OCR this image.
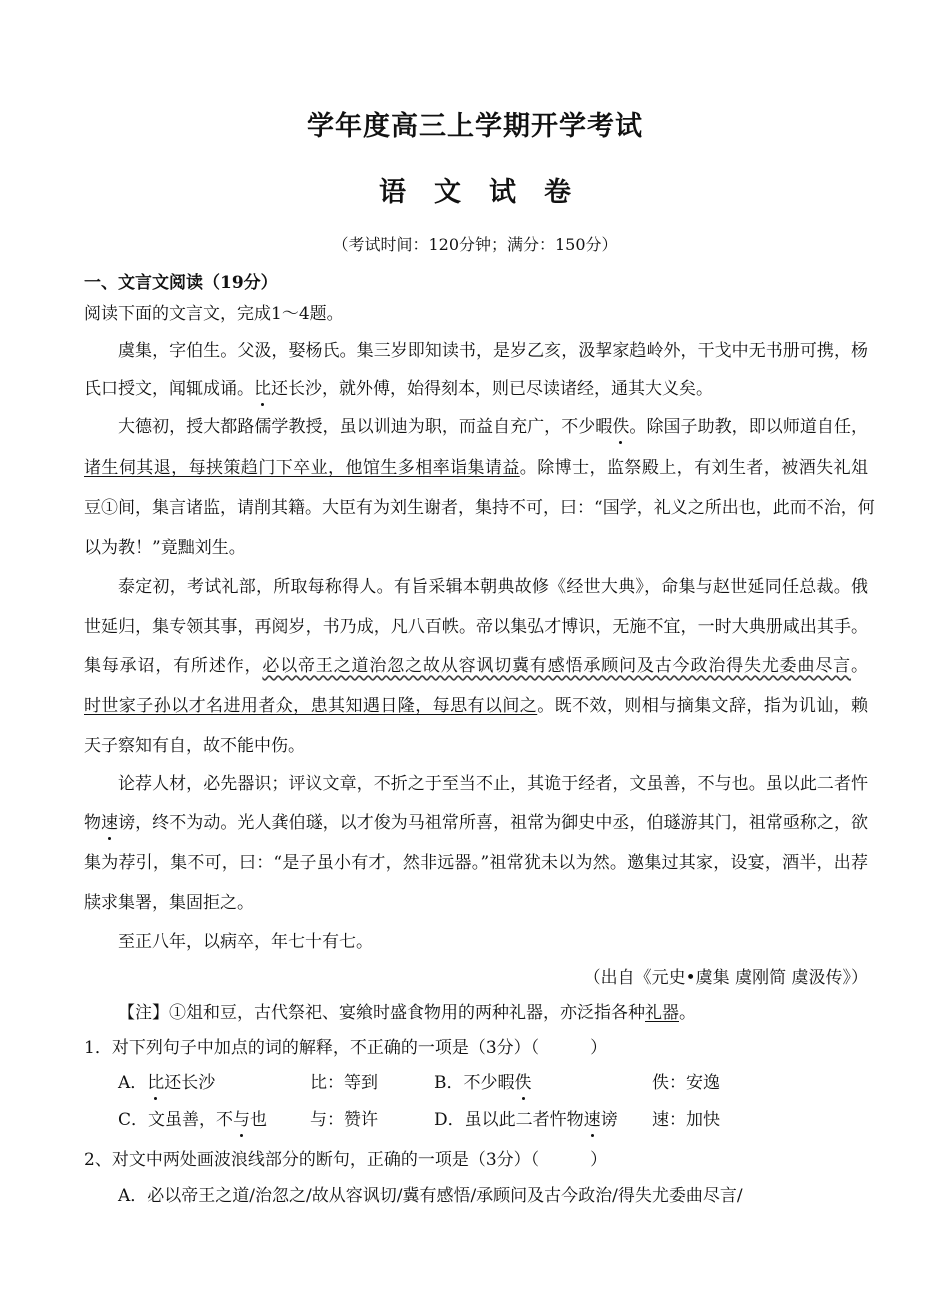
学年度高三上学期开学考试
语文试卷
（考试时间：120分钟；满分：150分）
一、文言文阅读（19分）
阅读下面的文言文，完成1～4题。
虞集，字伯生。父汲，娶杨氏。集三岁即知读书，是岁乙亥，汲挈家趋岭外，干戈中无书册可携，杨
氏口授文，闻辄成诵。比还长沙，就外傅，始得刻本，则已尽读诸经，通其大义矣。
大德初，授大都路儒学教授，虽以训迪为职，而益自充广，不少暇佚。除国子助教，即以师道自任，
诸生伺其退，每挟策趋门下卒业，他馆生多相率诣集请益。除博士，监祭殿上，有刘生者，被酒失礼俎
豆①间，集言诸监，请削其籍。大臣有为刘生谢者，集持不可，曰：“国学，礼义之所出也，此而不治，何
以为教！”竟黜刘生。
泰定初，考试礼部，所取每称得人。有旨采辑本朝典故修《经世大典》，命集与赵世延同任总裁。俄
世延归，集专领其事，再阅岁，书乃成，凡八百帙。帝以集弘才博识，无施不宜，一时大典册咸出其手。
集每承诏，有所述作，必以帝王之道治忽之故从容讽切冀有感悟承顾问及古今政治得失尤委曲尽言。
时世家子孙以才名进用者众，患其知遇日隆，每思有以间之。既不效，则相与摘集文辞，指为讥讪，赖
天子察知有自，故不能中伤。
论荐人材，必先器识；评议文章，不折之于至当不止，其诡于经者，文虽善，不与也。虽以此二者忤
物速谤，终不为动。光人龚伯璲，以才俊为马祖常所喜，祖常为御史中丞，伯璲游其门，祖常亟称之，欲
集为荐引，集不可，曰：“是子虽小有才，然非远器。”祖常犹未以为然。邀集过其家，设宴，酒半，出荐
牍求集署，集固拒之。
至正八年，以病卒，年七十有七。
（出自《元史•虞集 虞刚简 虞汲传》）
【注】①俎和豆，古代祭祀、宴飨时盛食物用的两种礼器，亦泛指各种礼器。
1．对下列句子中加点的词的解释，不正确的一项是（3分）（　　　）
A．比还长沙	比：等到	B．不少暇佚	佚：安逸
C．文虽善，不与也	与：赞许	D．虽以此二者忤物速谤 速：加快
2、对文中两处画波浪线部分的断句，正确的一项是（3分）（　　　）
A．必以帝王之道/治忽之/故从容讽切/冀有感悟/承顾问及古今政治/得失尤委曲尽言/
